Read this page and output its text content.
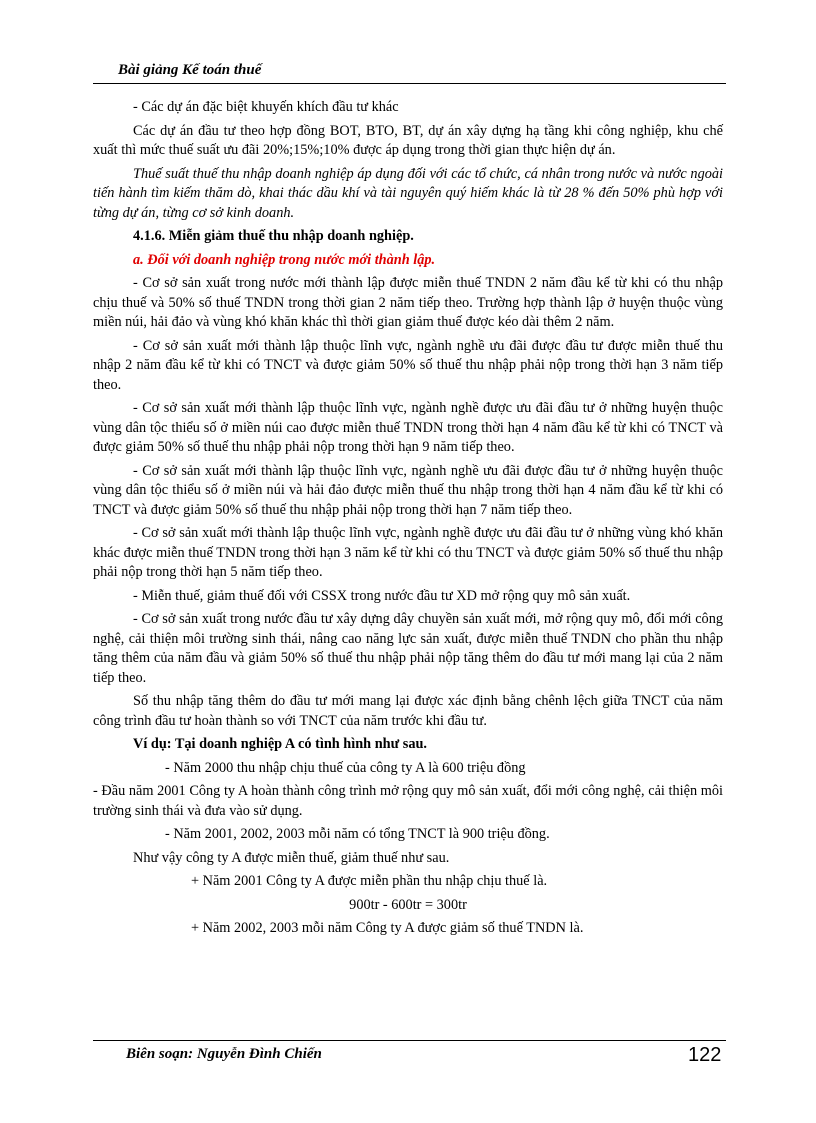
Bài giảng Kế toán thuế

- Các dự án đặc biệt khuyến khích đầu tư khác

Các dự án đầu tư theo hợp đồng BOT, BTO, BT, dự án xây dựng hạ tầng khi công nghiệp, khu chế xuất thì mức thuế suất ưu đãi 20%;15%;10% được áp dụng trong thời gian thực hiện dự án.

Thuế suất thuế thu nhập doanh nghiệp áp dụng đối với các tổ chức, cá nhân trong nước và nước ngoài tiến hành tìm kiếm thăm dò, khai thác dầu khí và tài nguyên quý hiếm khác là từ 28 % đến 50% phù hợp với từng dự án, từng cơ sở kinh doanh.

4.1.6. Miễn giảm thuế thu nhập doanh nghiệp.

a. Đối với doanh nghiệp trong nước mới thành lập.

- Cơ sở sản xuất trong nước mới thành lập được miễn thuế TNDN 2 năm đầu kể từ khi có thu nhập chịu thuế và 50% số thuế TNDN trong thời gian 2 năm tiếp theo. Trường hợp thành lập ở huyện thuộc vùng miền núi, hải đảo và vùng khó khăn khác thì thời gian giảm thuế được kéo dài thêm 2 năm.

- Cơ sở sản xuất mới thành lập thuộc lĩnh vực, ngành nghề ưu đãi được đầu tư được miễn thuế thu nhập 2 năm đầu kể từ khi có TNCT và được giảm 50% số thuế thu nhập phải nộp trong thời hạn 3 năm tiếp theo.

- Cơ sở sản xuất mới thành lập thuộc lĩnh vực, ngành nghề được ưu đãi đầu tư ở những huyện thuộc vùng dân tộc thiểu số ở miền núi cao được miễn thuế TNDN trong thời hạn 4 năm đầu kể từ khi có TNCT và được giảm 50% số thuế thu nhập phải nộp trong thời hạn 9 năm tiếp theo.

- Cơ sở sản xuất mới thành lập thuộc lĩnh vực, ngành nghề ưu đãi được đầu tư ở những huyện thuộc vùng dân tộc thiểu số ở miền núi và hải đảo được miễn thuế thu nhập trong thời hạn 4 năm đầu kể từ khi có TNCT và được giảm 50% số thuế thu nhập phải nộp trong thời hạn 7 năm tiếp theo.

- Cơ sở sản xuất mới thành lập thuộc lĩnh vực, ngành nghề được ưu đãi đầu tư ở những vùng khó khăn khác được miễn thuế TNDN trong thời hạn 3 năm kể từ khi có thu TNCT và được giảm 50% số thuế thu nhập phải nộp trong thời hạn 5 năm tiếp theo.

- Miễn thuế, giảm thuế đối với CSSX trong nước đầu tư XD mở rộng quy mô sản xuất.

- Cơ sở sản xuất trong nước đầu tư xây dựng dây chuyền sản xuất mới, mở rộng quy mô, đổi mới công nghệ, cải thiện môi trường sinh thái, nâng cao năng lực sản xuất, được miễn thuế TNDN cho phần thu nhập tăng thêm của năm đầu và giảm 50% số thuế thu nhập phải nộp tăng thêm do đầu tư mới mang lại của 2 năm tiếp theo.

Số thu nhập tăng thêm do đầu tư mới mang lại được xác định bằng chênh lệch giữa TNCT của năm công trình đầu tư hoàn thành so với TNCT của năm trước khi đầu tư.

Ví dụ: Tại doanh nghiệp A có tình hình như sau.

- Năm 2000 thu nhập chịu thuế của công ty A là 600 triệu đồng

- Đầu năm 2001 Công ty A hoàn thành công trình mở rộng quy mô sản xuất, đổi mới công nghệ, cải thiện môi trường sinh thái và đưa vào sử dụng.

- Năm 2001, 2002, 2003 mỗi năm có tổng TNCT là 900 triệu đồng.

Như vậy công ty A được miễn thuế, giảm thuế như sau.

+ Năm 2001 Công ty A được miễn phần thu nhập chịu thuế là.

900tr - 600tr = 300tr

+ Năm 2002, 2003 mỗi năm Công ty A được giảm số thuế TNDN là.

Biên soạn: Nguyễn Đình Chiến	122
